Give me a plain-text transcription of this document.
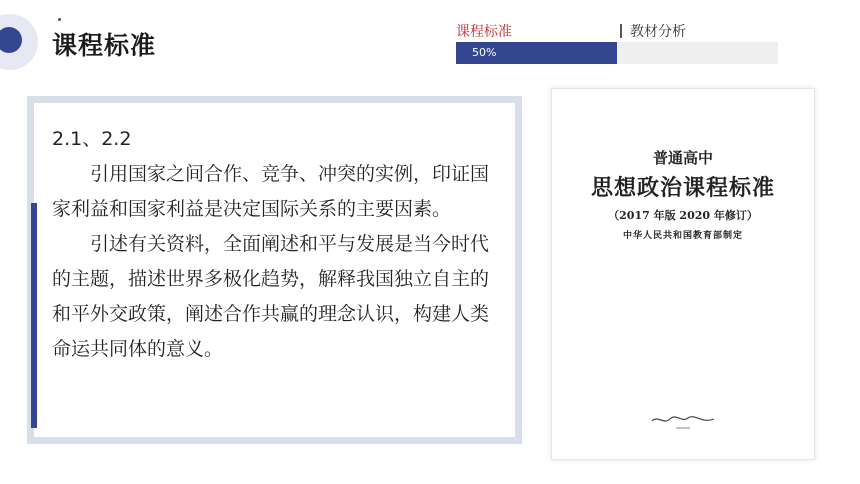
课程标准	课程标准	教材分析
50%

2.1、2.2

引用国家之间合作、竞争、冲突的实例，印证国家利益和国家利益是决定国际关系的主要因素。

引述有关资料，全面阐述和平与发展是当今时代的主题，描述世界多极化趋势，解释我国独立自主的和平外交政策，阐述合作共赢的理念认识，构建人类命运共同体的意义。

普通高中
思想政治课程标准
（2017 年版 2020 年修订）
中华人民共和国教育部制定
